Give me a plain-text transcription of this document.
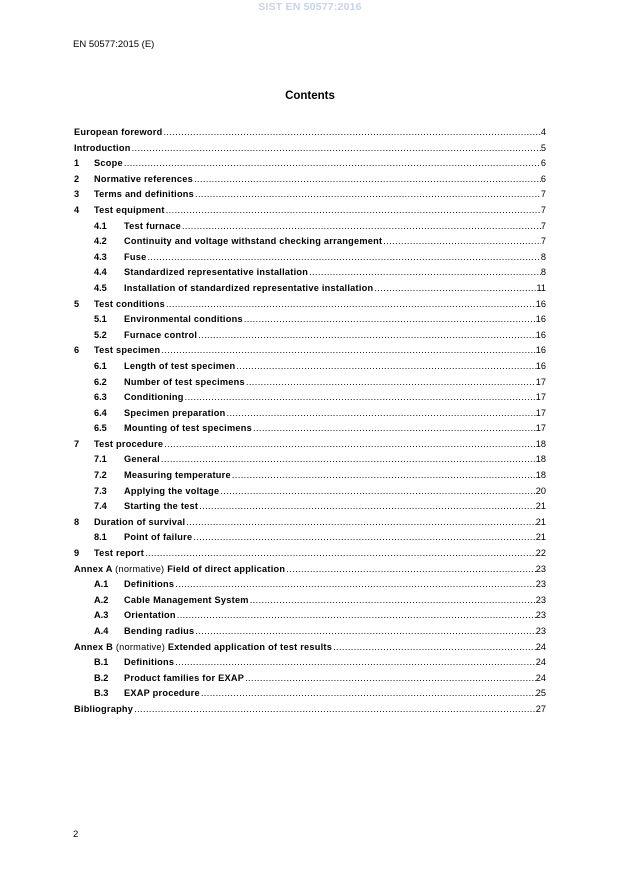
SIST EN 50577:2016
EN 50577:2015 (E)
Contents
European foreword .....	4
Introduction .....	5
1	Scope .....	6
2	Normative references .....	6
3	Terms and definitions .....	7
4	Test equipment .....	7
4.1	Test furnace .....	7
4.2	Continuity and voltage withstand checking arrangement .....	7
4.3	Fuse .....	8
4.4	Standardized representative installation .....	8
4.5	Installation of standardized representative installation .....	11
5	Test conditions .....	16
5.1	Environmental conditions .....	16
5.2	Furnace control .....	16
6	Test specimen .....	16
6.1	Length of test specimen .....	16
6.2	Number of test specimens .....	17
6.3	Conditioning .....	17
6.4	Specimen preparation .....	17
6.5	Mounting of test specimens .....	17
7	Test procedure .....	18
7.1	General .....	18
7.2	Measuring temperature .....	18
7.3	Applying the voltage .....	20
7.4	Starting the test .....	21
8	Duration of survival .....	21
8.1	Point of failure .....	21
9	Test report .....	22
Annex A (normative) Field of direct application .....	23
A.1	Definitions .....	23
A.2	Cable Management System .....	23
A.3	Orientation .....	23
A.4	Bending radius .....	23
Annex B (normative) Extended application of test results .....	24
B.1	Definitions .....	24
B.2	Product families for EXAP .....	24
B.3	EXAP procedure .....	25
Bibliography .....	27
2
